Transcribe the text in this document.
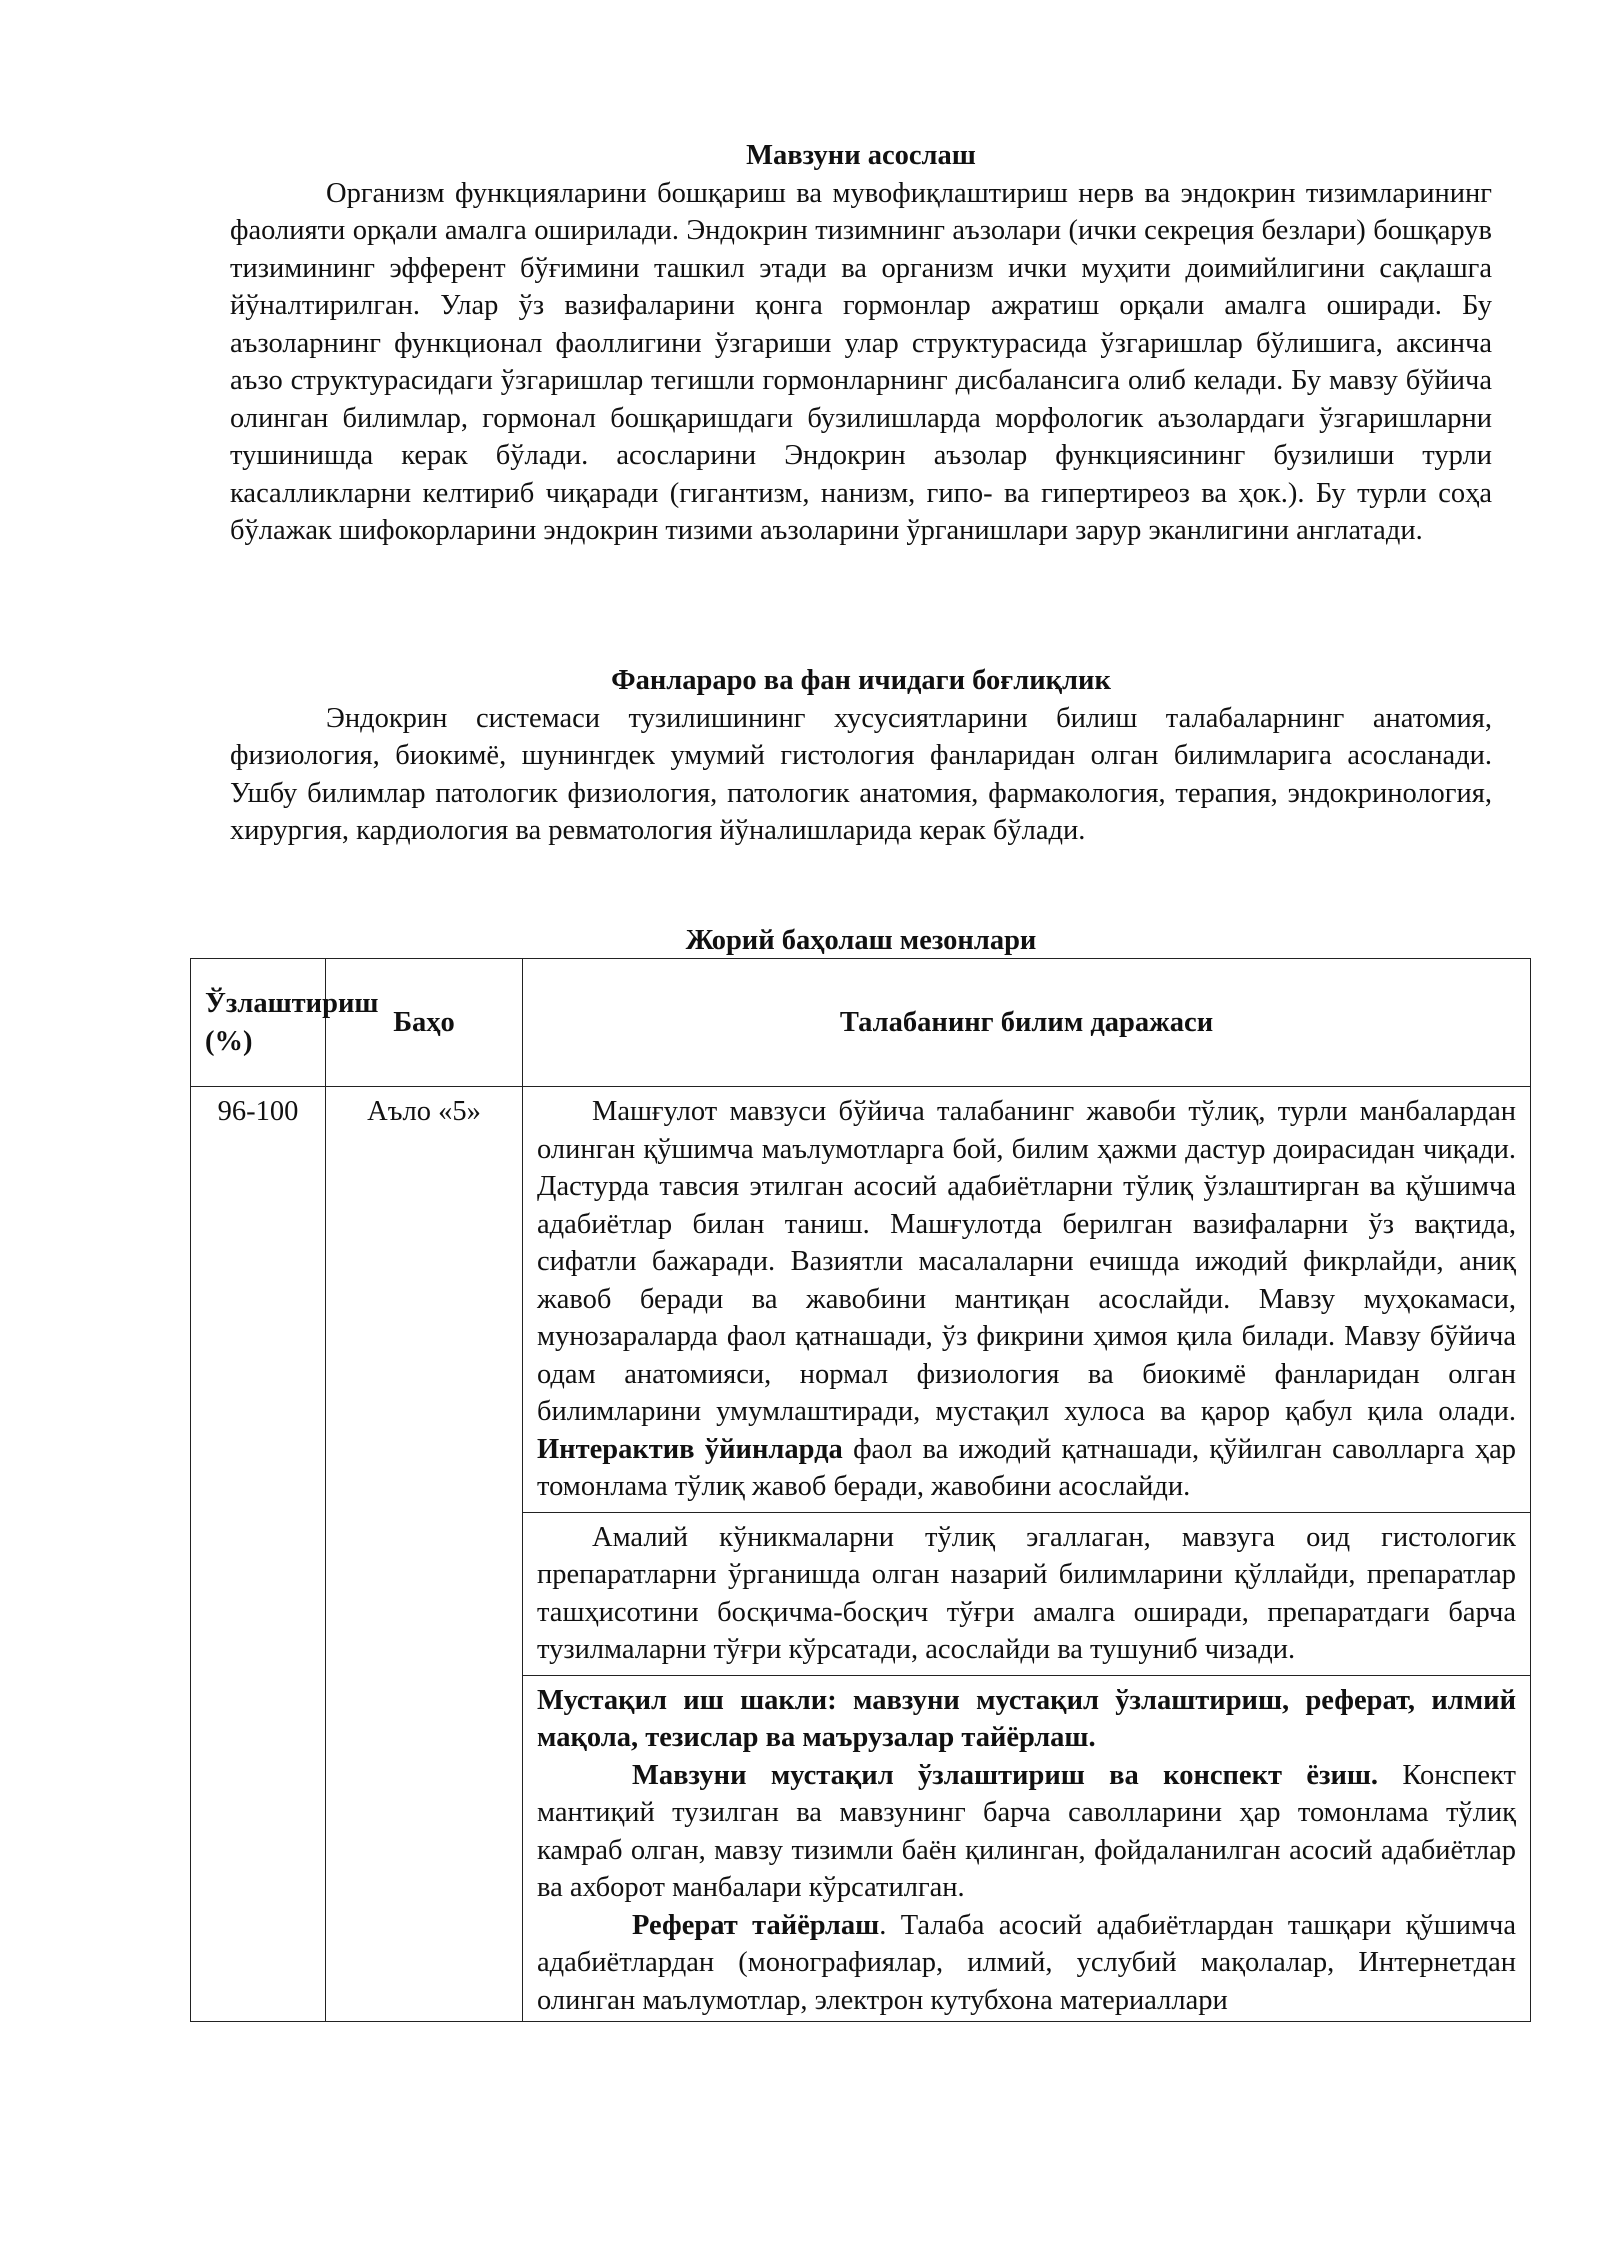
Мавзуни асослаш

Организм функцияларини бошқариш ва мувофиқлаштириш нерв ва эндокрин тизимларининг фаолияти орқали амалга оширилади. Эндокрин тизимнинг аъзолари (ички секреция безлари) бошқарув тизимининг эфферент бўғимини ташкил этади ва организм ички муҳити доимийлигини сақлашга йўналтирилган. Улар ўз вазифаларини қонга гормонлар ажратиш орқали амалга оширади. Бу аъзоларнинг функционал фаоллигини ўзгариши улар структурасида ўзгаришлар бўлишига, аксинча аъзо структурасидаги ўзгаришлар тегишли гормонларнинг дисбалансига олиб келади. Бу мавзу бўйича олинган билимлар, гормонал бошқаришдаги бузилишларда морфологик аъзолардаги ўзгаришларни тушинишда керак бўлади. асосларини Эндокрин аъзолар функциясининг бузилиши турли касалликларни келтириб чиқаради (гигантизм, нанизм, гипо- ва гипертиреоз ва ҳок.). Бу турли соҳа бўлажак шифокорларини эндокрин тизими аъзоларини ўрганишлари зарур эканлигини англатади.

Фанлараро ва фан ичидаги боғлиқлик

Эндокрин системаси тузилишининг хусусиятларини билиш талабаларнинг анатомия, физиология, биокимё, шунингдек умумий гистология фанларидан олган билимларига асосланади. Ушбу билимлар патологик физиология, патологик анатомия, фармакология, терапия, эндокринология, хирургия, кардиология ва ревматология йўналишларида керак бўлади.

Жорий баҳолаш мезонлари
Ўзлаштириш (%)	Баҳо	Талабанинг билим даражаси
96-100	Аъло «5»	Машғулот мавзуси бўйича талабанинг жавоби тўлиқ, турли манбалардан олинган қўшимча маълумотларга бой, билим ҳажми дастур доирасидан чиқади. Дастурда тавсия этилган асосий адабиётларни тўлиқ ўзлаштирган ва қўшимча адабиётлар билан таниш. Машғулотда берилган вазифаларни ўз вақтида, сифатли бажаради. Вазиятли масалаларни ечишда ижодий фикрлайди, аниқ жавоб беради ва жавобини мантиқан асослайди. Мавзу муҳокамаси, мунозараларда фаол қатнашади, ўз фикрини ҳимоя қила билади. Мавзу бўйича одам анатомияси, нормал физиология ва биокимё фанларидан олган билимларини умумлаштиради, мустақил хулоса ва қарор қабул қила олади. Интерактив ўйинларда фаол ва ижодий қатнашади, қўйилган саволларга ҳар томонлама тўлиқ жавоб беради, жавобини асослайди.

		Амалий кўникмаларни тўлиқ эгаллаган, мавзуга оид гистологик препаратларни ўрганишда олган назарий билимларини қўллайди, препаратлар ташҳисотини босқичма-босқич тўғри амалга оширади, препаратдаги барча тузилмаларни тўғри кўрсатади, асослайди ва тушуниб чизади.

		Мустақил иш шакли: мавзуни мустақил ўзлаштириш, реферат, илмий мақола, тезислар ва маърузалар тайёрлаш.

Мавзуни мустақил ўзлаштириш ва конспект ёзиш. Конспект мантиқий тузилган ва мавзунинг барча саволларини ҳар томонлама тўлиқ камраб олган, мавзу тизимли баён қилинган, фойдаланилган асосий адабиётлар ва ахборот манбалари кўрсатилган.

Реферат тайёрлаш. Талаба асосий адабиётлардан ташқари қўшимча адабиётлардан (монографиялар, илмий, услубий мақолалар, Интернетдан олинган маълумотлар, электрон кутубхона материаллари
